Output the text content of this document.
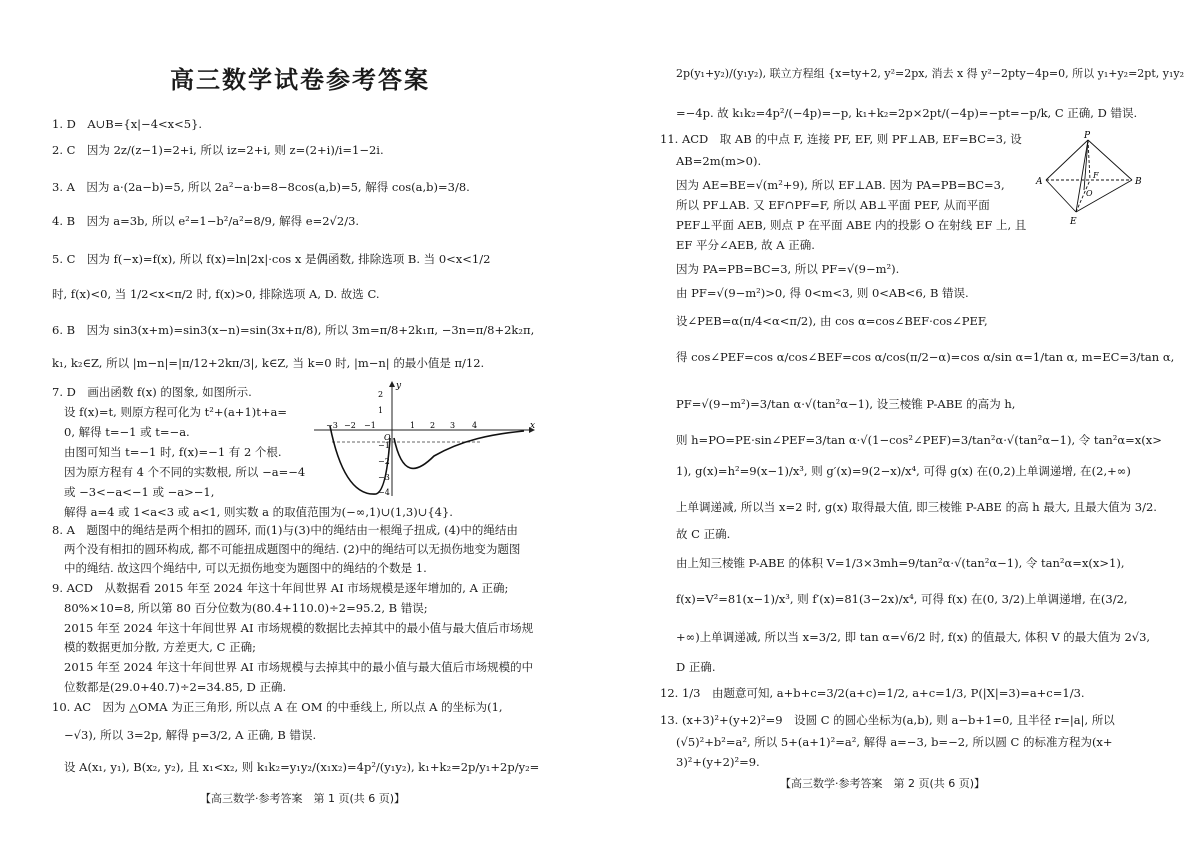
高三数学试卷参考答案
1. D　A∪B={x|−4<x<5}.
2. C　因为 2z/(z−1)=2+i, 所以 iz=2+i, 则 z=(2+i)/i=1−2i.
3. A　因为 a·(2a−b)=5, 所以 2a²−a·b=8−8cos(a,b)=5, 解得 cos(a,b)=3/8.
4. B　因为 a=3b, 所以 e²=1−b²/a²=8/9, 解得 e=2√2/3.
5. C　因为 f(−x)=f(x), 所以 f(x)=ln|2x|·cos x 是偶函数, 排除选项 B. 当 0<x<1/2
时, f(x)<0, 当 1/2<x<π/2 时, f(x)>0, 排除选项 A, D. 故选 C.
6. B　因为 sin3(x+m)=sin3(x−n)=sin(3x+π/8), 所以 3m=π/8+2k₁π, −3n=π/8+2k₂π,
k₁, k₂∈Z, 所以 |m−n|=|π/12+2kπ/3|, k∈Z, 当 k=0 时, |m−n| 的最小值是 π/12.
7. D　画出函数 f(x) 的图象, 如图所示.
设 f(x)=t, 则原方程可化为 t²+(a+1)t+a=
0, 解得 t=−1 或 t=−a.
由图可知当 t=−1 时, f(x)=−1 有 2 个根.
因为原方程有 4 个不同的实数根, 所以 −a=−4
或 −3<−a<−1 或 −a>−1,
解得 a=4 或 1<a<3 或 a<1, 则实数 a 的取值范围为(−∞,1)∪(1,3)∪{4}.
8. A　题图中的绳结是两个相扣的圆环, 而(1)与(3)中的绳结由一根绳子扭成, (4)中的绳结由
两个没有相扣的圆环构成, 都不可能扭成题图中的绳结. (2)中的绳结可以无损伤地变为题图
中的绳结. 故这四个绳结中, 可以无损伤地变为题图中的绳结的个数是 1.
9. ACD　从数据看 2015 年至 2024 年这十年间世界 AI 市场规模是逐年增加的, A 正确;
80%×10=8, 所以第 80 百分位数为(80.4+110.0)÷2=95.2, B 错误;
2015 年至 2024 年这十年间世界 AI 市场规模的数据比去掉其中的最小值与最大值后市场规
模的数据更加分散, 方差更大, C 正确;
2015 年至 2024 年这十年间世界 AI 市场规模与去掉其中的最小值与最大值后市场规模的中
位数都是(29.0+40.7)÷2=34.85, D 正确.
10. AC　因为 △OMA 为正三角形, 所以点 A 在 OM 的中垂线上, 所以点 A 的坐标为(1,
−√3), 所以 3=2p, 解得 p=3/2, A 正确, B 错误.
设 A(x₁, y₁), B(x₂, y₂), 且 x₁<x₂, 则 k₁k₂=y₁y₂/(x₁x₂)=4p²/(y₁y₂), k₁+k₂=2p/y₁+2p/y₂=
x
y
O
−3 −2 −1	1 2 3 4
2
1
−1
−2
−3
−4
【高三数学·参考答案　第 1 页(共 6 页)】
2p(y₁+y₂)/(y₁y₂), 联立方程组 {x=ty+2, y²=2px, 消去 x 得 y²−2pty−4p=0, 所以 y₁+y₂=2pt, y₁y₂
=−4p. 故 k₁k₂=4p²/(−4p)=−p, k₁+k₂=2p×2pt/(−4p)=−pt=−p/k, C 正确, D 错误.
11. ACD　取 AB 的中点 F, 连接 PF, EF, 则 PF⊥AB, EF=BC=3, 设
AB=2m(m>0).
因为 AE=BE=√(m²+9), 所以 EF⊥AB. 因为 PA=PB=BC=3,
所以 PF⊥AB. 又 EF∩PF=F, 所以 AB⊥平面 PEF, 从而平面
PEF⊥平面 AEB, 则点 P 在平面 ABE 内的投影 O 在射线 EF 上, 且
EF 平分∠AEB, 故 A 正确.
因为 PA=PB=BC=3, 所以 PF=√(9−m²).
由 PF=√(9−m²)>0, 得 0<m<3, 则 0<AB<6, B 错误.
设∠PEB=α(π/4<α<π/2), 由 cos α=cos∠BEF·cos∠PEF,
得 cos∠PEF=cos α/cos∠BEF=cos α/cos(π/2−α)=cos α/sin α=1/tan α, m=EC=3/tan α,
PF=√(9−m²)=3/tan α·√(tan²α−1), 设三棱锥 P-ABE 的高为 h,
则 h=PO=PE·sin∠PEF=3/tan α·√(1−cos²∠PEF)=3/tan²α·√(tan²α−1), 令 tan²α=x(x>
1), g(x)=h²=9(x−1)/x³, 则 g′(x)=9(2−x)/x⁴, 可得 g(x) 在(0,2)上单调递增, 在(2,+∞)
上单调递减, 所以当 x=2 时, g(x) 取得最大值, 即三棱锥 P-ABE 的高 h 最大, 且最大值为 3/2.
故 C 正确.
由上知三棱锥 P-ABE 的体积 V=1/3×3mh=9/tan²α·√(tan²α−1), 令 tan²α=x(x>1),
f(x)=V²=81(x−1)/x³, 则 f′(x)=81(3−2x)/x⁴, 可得 f(x) 在(0, 3/2)上单调递增, 在(3/2,
+∞)上单调递减, 所以当 x=3/2, 即 tan α=√6/2 时, f(x) 的值最大, 体积 V 的最大值为 2√3,
D 正确.
12. 1/3　由题意可知, a+b+c=3/2(a+c)=1/2, a+c=1/3, P(|X|=3)=a+c=1/3.
13. (x+3)²+(y+2)²=9　设圆 C 的圆心坐标为(a,b), 则 a−b+1=0, 且半径 r=|a|, 所以
(√5)²+b²=a², 所以 5+(a+1)²=a², 解得 a=−3, b=−2, 所以圆 C 的标准方程为(x+
3)²+(y+2)²=9.
P
A	B
E
F
O
【高三数学·参考答案　第 2 页(共 6 页)】
